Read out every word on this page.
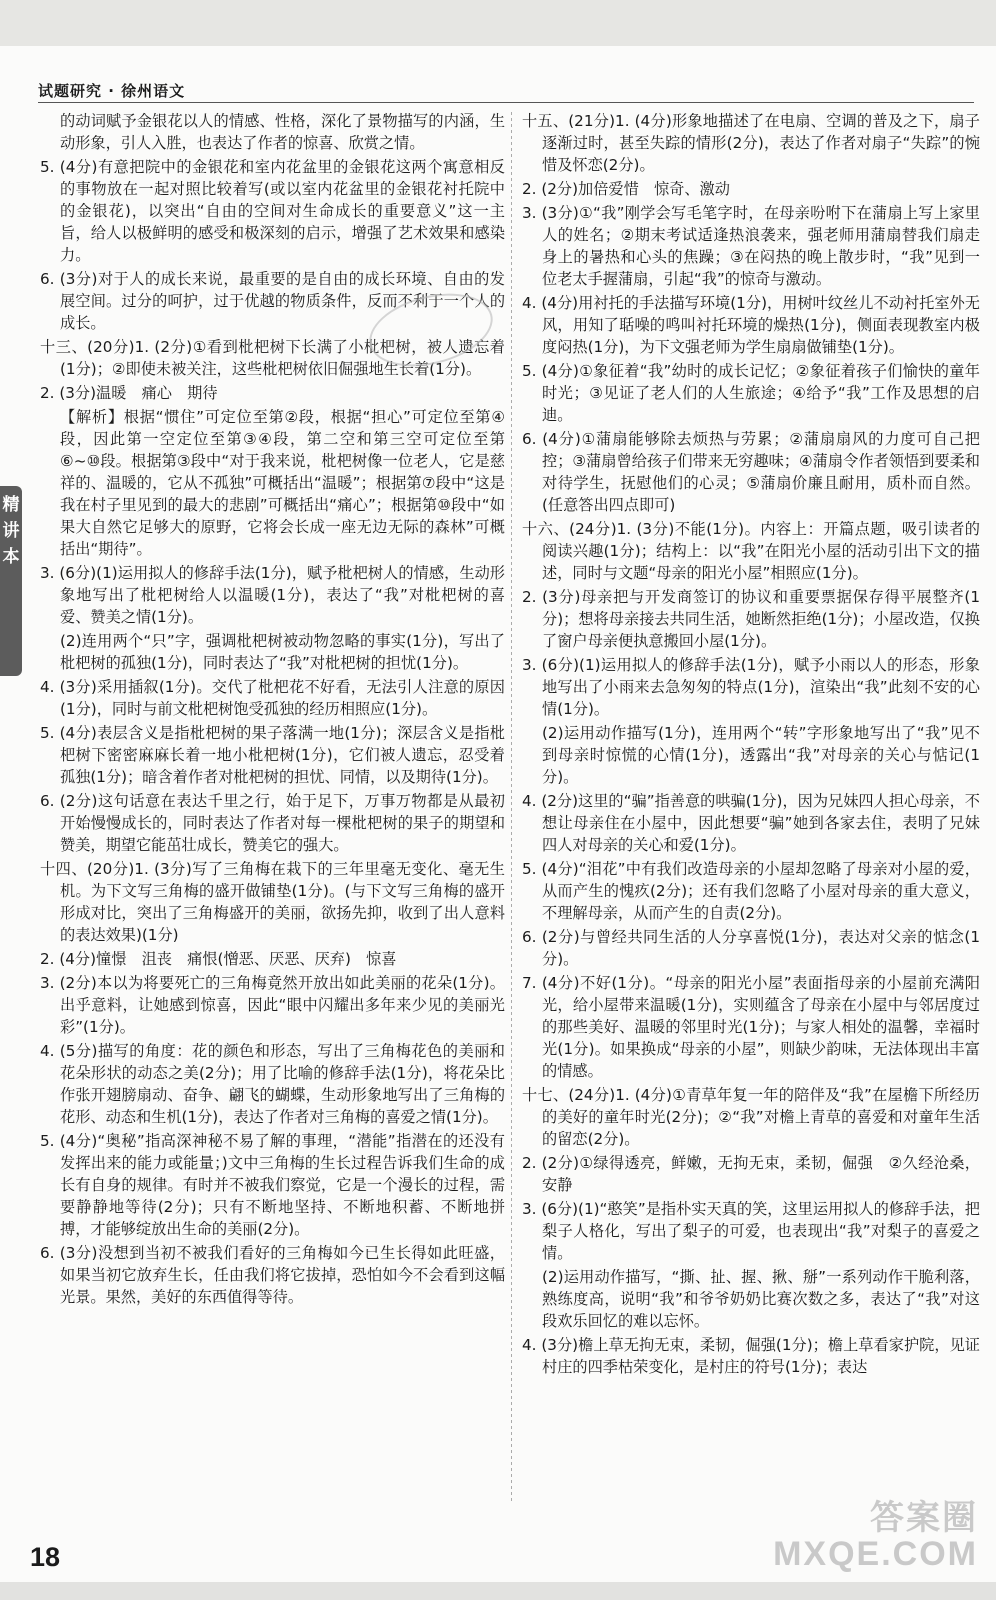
试题研究 · 徐州语文
精讲本

的动词赋予金银花以人的情感、性格，深化了景物描写的内涵，生动形象，引人入胜，也表达了作者的惊喜、欣赏之情。

5. (4分)有意把院中的金银花和室内花盆里的金银花这两个寓意相反的事物放在一起对照比较着写(或以室内花盆里的金银花衬托院中的金银花)，以突出“自由的空间对生命成长的重要意义”这一主旨，给人以极鲜明的感受和极深刻的启示，增强了艺术效果和感染力。

6. (3分)对于人的成长来说，最重要的是自由的成长环境、自由的发展空间。过分的呵护，过于优越的物质条件，反而不利于一个人的成长。

十三、(20分)1. (2分)①看到枇杷树下长满了小枇杷树，被人遗忘着(1分)；②即使未被关注，这些枇杷树依旧倔强地生长着(1分)。

2. (3分)温暖　痛心　期待

【解析】根据“惯住”可定位至第②段，根据“担心”可定位至第④段，因此第一空定位至第③④段，第二空和第三空可定位至第⑥~⑩段。根据第③段中“对于我来说，枇杷树像一位老人，它是慈祥的、温暖的，它从不孤独”可概括出“温暖”；根据第⑦段中“这是我在村子里见到的最大的悲剧”可概括出“痛心”；根据第⑩段中“如果大自然它足够大的原野，它将会长成一座无边无际的森林”可概括出“期待”。

3. (6分)(1)运用拟人的修辞手法(1分)，赋予枇杷树人的情感，生动形象地写出了枇杷树给人以温暖(1分)，表达了“我”对枇杷树的喜爱、赞美之情(1分)。

(2)连用两个“只”字，强调枇杷树被动物忽略的事实(1分)，写出了枇杷树的孤独(1分)，同时表达了“我”对枇杷树的担忧(1分)。

4. (3分)采用插叙(1分)。交代了枇杷花不好看，无法引人注意的原因(1分)，同时与前文枇杷树饱受孤独的经历相照应(1分)。

5. (4分)表层含义是指枇杷树的果子落满一地(1分)；深层含义是指枇杷树下密密麻麻长着一地小枇杷树(1分)，它们被人遗忘，忍受着孤独(1分)；暗含着作者对枇杷树的担忧、同情，以及期待(1分)。

6. (2分)这句话意在表达千里之行，始于足下，万事万物都是从最初开始慢慢成长的，同时表达了作者对每一棵枇杷树的果子的期望和赞美，期望它能茁壮成长，赞美它的强大。

十四、(20分)1. (3分)写了三角梅在栽下的三年里毫无变化、毫无生机。为下文写三角梅的盛开做铺垫(1分)。(与下文写三角梅的盛开形成对比，突出了三角梅盛开的美丽，欲扬先抑，收到了出人意料的表达效果)(1分)

2. (4分)憧憬　沮丧　痛恨(憎恶、厌恶、厌弃)　惊喜

3. (2分)本以为将要死亡的三角梅竟然开放出如此美丽的花朵(1分)。出乎意料，让她感到惊喜，因此“眼中闪耀出多年来少见的美丽光彩”(1分)。

4. (5分)描写的角度：花的颜色和形态，写出了三角梅花色的美丽和花朵形状的动态之美(2分)；用了比喻的修辞手法(1分)，将花朵比作张开翅膀扇动、奋争、翩飞的蝴蝶，生动形象地写出了三角梅的花形、动态和生机(1分)，表达了作者对三角梅的喜爱之情(1分)。

5. (4分)“奥秘”指高深神秘不易了解的事理，“潜能”指潜在的还没有发挥出来的能力或能量；)文中三角梅的生长过程告诉我们生命的成长有自身的规律。有时并不被我们察觉，它是一个漫长的过程，需要静静地等待(2分)；只有不断地坚持、不断地积蓄、不断地拼搏，才能够绽放出生命的美丽(2分)。

6. (3分)没想到当初不被我们看好的三角梅如今已生长得如此旺盛，如果当初它放弃生长，任由我们将它拔掉，恐怕如今不会看到这幅光景。果然，美好的东西值得等待。

十五、(21分)1. (4分)形象地描述了在电扇、空调的普及之下，扇子逐渐过时，甚至失踪的情形(2分)，表达了作者对扇子“失踪”的惋惜及怀恋(2分)。

2. (2分)加倍爱惜　惊奇、激动

3. (3分)①“我”刚学会写毛笔字时，在母亲吩咐下在蒲扇上写上家里人的姓名；②期末考试适逢热浪袭来，强老师用蒲扇替我们扇走身上的暑热和心头的焦躁；③在闷热的晚上散步时，“我”见到一位老太手握蒲扇，引起“我”的惊奇与激动。

4. (4分)用衬托的手法描写环境(1分)，用树叶纹丝儿不动衬托室外无风，用知了聒噪的鸣叫衬托环境的燥热(1分)，侧面表现教室内极度闷热(1分)，为下文强老师为学生扇扇做铺垫(1分)。

5. (4分)①象征着“我”幼时的成长记忆；②象征着孩子们愉快的童年时光；③见证了老人们的人生旅途；④给予“我”工作及思想的启迪。

6. (4分)①蒲扇能够除去烦热与劳累；②蒲扇扇风的力度可自己把控；③蒲扇曾给孩子们带来无穷趣味；④蒲扇令作者领悟到要柔和对待学生，抚慰他们的心灵；⑤蒲扇价廉且耐用，质朴而自然。(任意答出四点即可)

十六、(24分)1. (3分)不能(1分)。内容上：开篇点题，吸引读者的阅读兴趣(1分)；结构上：以“我”在阳光小屋的活动引出下文的描述，同时与文题“母亲的阳光小屋”相照应(1分)。

2. (3分)母亲把与开发商签订的协议和重要票据保存得平展整齐(1分)；想将母亲接去共同生活，她断然拒绝(1分)；小屋改造，仅换了窗户母亲便执意搬回小屋(1分)。

3. (6分)(1)运用拟人的修辞手法(1分)，赋予小雨以人的形态，形象地写出了小雨来去急匆匆的特点(1分)，渲染出“我”此刻不安的心情(1分)。

(2)运用动作描写(1分)，连用两个“转”字形象地写出了“我”见不到母亲时惊慌的心情(1分)，透露出“我”对母亲的关心与惦记(1分)。

4. (2分)这里的“骗”指善意的哄骗(1分)，因为兄妹四人担心母亲，不想让母亲住在小屋中，因此想要“骗”她到各家去住，表明了兄妹四人对母亲的关心和爱(1分)。

5. (4分)“泪花”中有我们改造母亲的小屋却忽略了母亲对小屋的爱，从而产生的愧疚(2分)；还有我们忽略了小屋对母亲的重大意义，不理解母亲，从而产生的自责(2分)。

6. (2分)与曾经共同生活的人分享喜悦(1分)，表达对父亲的惦念(1分)。

7. (4分)不好(1分)。“母亲的阳光小屋”表面指母亲的小屋前充满阳光，给小屋带来温暖(1分)，实则蕴含了母亲在小屋中与邻居度过的那些美好、温暖的邻里时光(1分)；与家人相处的温馨，幸福时光(1分)。如果换成“母亲的小屋”，则缺少韵味，无法体现出丰富的情感。

十七、(24分)1. (4分)①青草年复一年的陪伴及“我”在屋檐下所经历的美好的童年时光(2分)；②“我”对檐上青草的喜爱和对童年生活的留恋(2分)。

2. (2分)①绿得透亮，鲜嫩，无拘无束，柔韧，倔强　②久经沧桑，安静

3. (6分)(1)“憨笑”是指朴实天真的笑，这里运用拟人的修辞手法，把梨子人格化，写出了梨子的可爱，也表现出“我”对梨子的喜爱之情。

(2)运用动作描写，“撕、扯、握、揪、掰”一系列动作干脆利落，熟练度高，说明“我”和爷爷奶奶比赛次数之多，表达了“我”对这段欢乐回忆的难以忘怀。

4. (3分)檐上草无拘无束，柔韧，倔强(1分)；檐上草看家护院，见证村庄的四季枯荣变化，是村庄的符号(1分)；表达

18
答案圈
MXQE.COM
